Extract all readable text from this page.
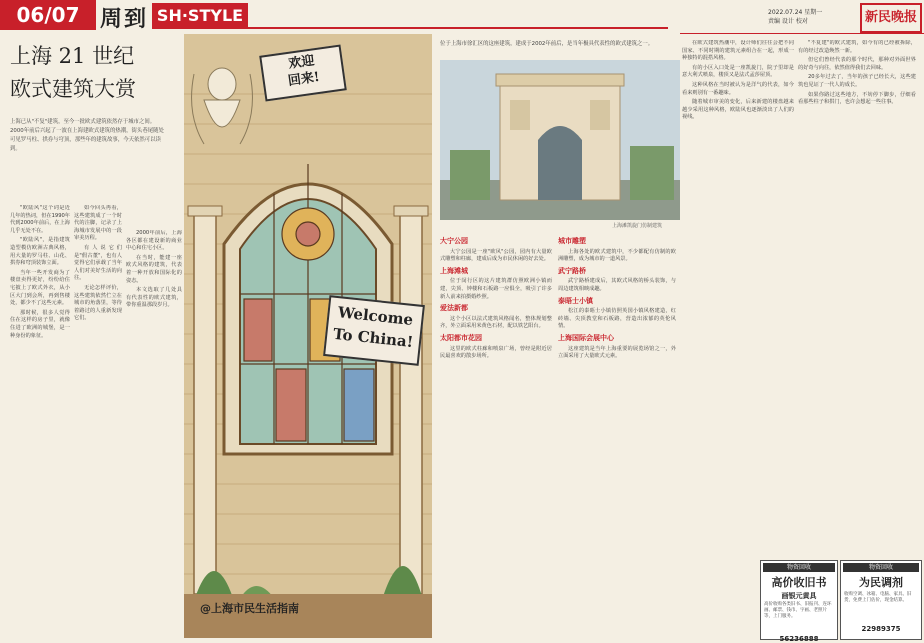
06/07 周到 SH·STYLE	2022.07.24 星期一
责编 设计 校对	新民晚报
上海 21 世纪
欧式建筑大赏
上海已从"不复"建筑，至今一批欧式建筑依然存于城市之间。2000年前后兴起了一波在上海建欧式建筑的热潮，街头巷尾随处可见罗马柱、拱券与穹顶，那些年的建筑故事，今天依然可以读到。

"欧陆风"这个词是近几年的热词，但在1990年代到2000年前后，在上海几乎无处不在。

"欧陆风"，是指建筑造型模仿欧洲古典风格，用大量的罗马柱、山花、拱券和穹顶装饰立面。

当年一些开发商为了楼盘卖得更好，纷纷给住宅披上了欧式外衣，从小区大门到会所，再到售楼处，都少不了这些元素。

那时候，很多人觉得住在这样的房子里，就像住进了欧洲的城堡，是一种身份的象征。

如今回头再看，这些建筑成了一个时代的注脚，记录了上海城市发展中的一段审美历程。

有人说它们是"假古董"，也有人觉得它们承载了当年人们对美好生活的向往。

无论怎样评价，这些建筑依然伫立在城市的角落里，等待着路过的人重新发现它们。

2000年前后，上海各区都在建设新的商业中心和住宅小区。

在当时，能建一座欧式风格的建筑，代表着一种开放和国际化的姿态。

本文选取了几处具有代表性的欧式建筑，带你重温那段岁月。

欢迎
回来!
Welcome
To China!
@上海市民生活指南
位于上海市徐汇区的这座建筑，建成于2002年前后，是当年极具代表性的欧式建筑之一。
上海滩凯旋门仿制建筑
大宁公园

大宁公园是一座"欧风"公园，园内有大量欧式雕塑和柱廊，建成后成为市民休闲的好去处。

上海滩城

位于闵行区的这片建筑群仿照欧洲小镇而建，尖顶、钟楼和石板路一应俱全，吸引了许多新人前来拍摄婚纱照。

爱法新都

这个小区以法式建筑风格闻名，整体规划整齐，外立面采用米黄色石材，配以铁艺阳台。

太阳都市花园

这里的欧式柱廊和喷泉广场，曾经是附近居民最喜欢的散步场所。

城市雕塑

上海各处的欧式建筑中，不少都配有仿制的欧洲雕塑，成为城市的一道风景。

武宁路桥

武宁路桥建成后，其欧式风格的桥头装饰，与周边建筑相映成趣。

泰晤士小镇

松江的泰晤士小镇仿照英国小镇风格建造，红砖墙、尖顶教堂和石板路，营造出浓郁的英伦风情。

上海国际会展中心

这座建筑是当年上海重要的展览场馆之一，外立面采用了大量欧式元素。

在欧式建筑热潮中，设计师们往往会把不同国家、不同时期的建筑元素组合在一起，形成一种独特的混搭风格。

有的小区入口处是一座凯旋门，院子里却是意大利式喷泉，楼顶又是法式孟莎屋顶。

这种风格在当时被认为是洋气的代表，如今看来则别有一番趣味。

随着城市审美的变化，后来新建的楼盘越来越少采用这种风格，欧陆风也逐渐淡出了人们的视线。

"不复建"的欧式建筑，如今有的已经被拆除，有的经过改造焕然一新。

但它们曾经代表的那个时代，那种对外面世界的好奇与向往，依然值得我们去回味。

20多年过去了，当年的孩子已经长大，这些建筑也见证了一代人的成长。

如果你路过这些地方，不妨停下脚步，仔细看看那些柱子和拱门，也许会想起一些往事。

物资回收
高价收旧书
画银元黄具
高价收购各类旧书、旧报刊、连环画、邮票、钱币、字画、老照片等，上门服务。
56236888
物资回收
为民调剂
收购空调、冰箱、电脑、家具、旧货，免费上门估价，现金结算。
22989375
